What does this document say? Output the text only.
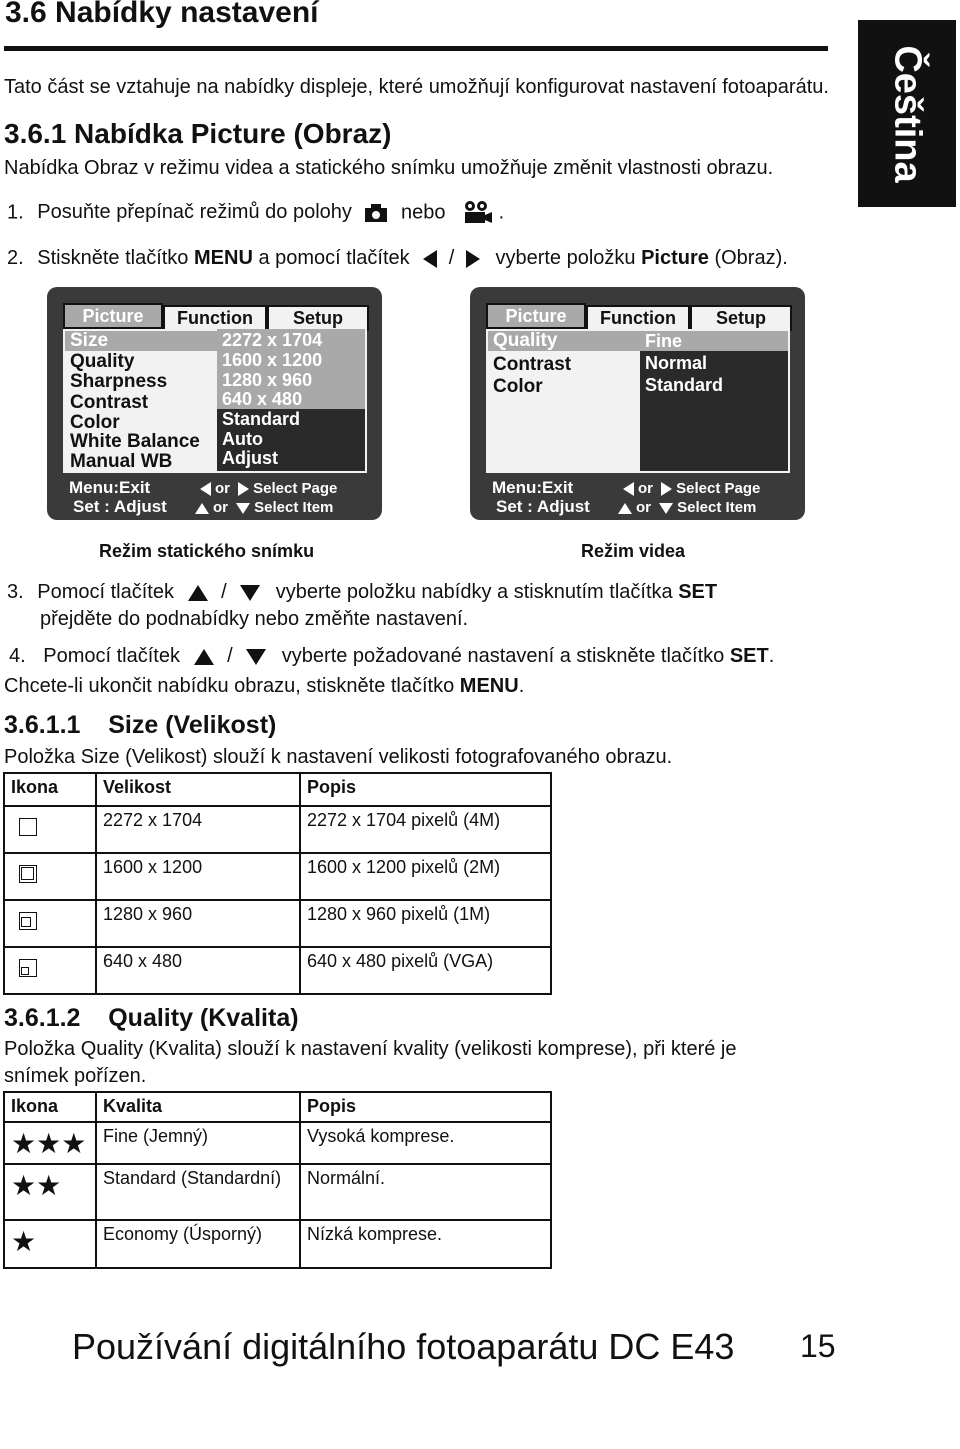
3.6 Nabídky nastavení
Čeština
Tato část se vztahuje na nabídky displeje, které umožňují konfigurovat nastavení fotoaparátu.
3.6.1 Nabídka Picture (Obraz)
Nabídka Obraz v režimu videa a statického snímku umožňuje změnit vlastnosti obrazu.
1. Posuňte přepínač režimů do polohy nebo	.
2. Stiskněte tlačítko MENU a pomocí tlačítek / vyberte položku Picture (Obraz).
Picture	Function	Setup
Size
Quality
Sharpness
Contrast
Color
White Balance
Manual WB
2272 x 1704
1600 x 1200
1280 x 960
640 x 480
Standard
Auto
Adjust
Menu:Exit
Set : Adjust
or Select Page
or Select Item
Picture	Function	Setup
Quality
Contrast
Color
Fine
Normal
Standard
Menu:Exit
Set : Adjust
or Select Page
or Select Item
Režim statického snímku	Režim videa
3. Pomocí tlačítek / vyberte položku nabídky a stisknutím tlačítka SET
přejděte do podnabídky nebo změňte nastavení.
4. Pomocí tlačítek / vyberte požadované nastavení a stiskněte tlačítko SET.
Chcete-li ukončit nabídku obrazu, stiskněte tlačítko MENU.
3.6.1.1    Size (Velikost)
Položka Size (Velikost) slouží k nastavení velikosti fotografovaného obrazu.
Ikona	Velikost	Popis
	2272 x 1704	2272 x 1704 pixelů (4M)

	1600 x 1200	1600 x 1200 pixelů (2M)

	1280 x 960	1280 x 960 pixelů (1M)

	640 x 480	640 x 480 pixelů (VGA)
3.6.1.2    Quality (Kvalita)
Položka Quality (Kvalita) slouží k nastavení kvality (velikosti komprese), při které je
snímek pořízen.
Ikona	Kvalita	Popis
★★★	Fine (Jemný)	Vysoká komprese.
★★	Standard (Standardní)	Normální.
★	Economy (Úsporný)	Nízká komprese.
Používání digitálního fotoaparátu DC E43 15
